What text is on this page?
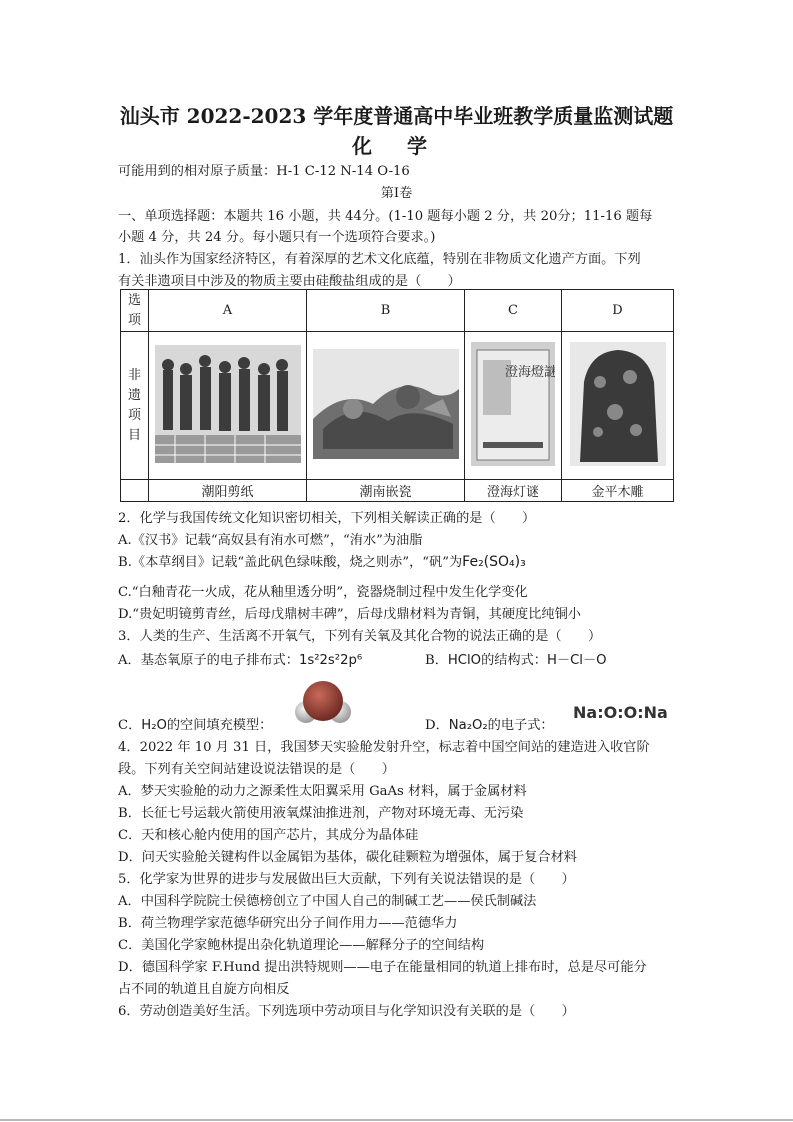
汕头市 2022-2023 学年度普通高中毕业班教学质量监测试题
化 学
可能用到的相对原子质量：H-1 C-12 N-14 O-16
第Ⅰ卷
一、单项选择题：本题共 16 小题，共 44分。(1-10 题每小题 2 分，共 20分；11-16 题每
小题 4 分，共 24 分。每小题只有一个选项符合要求。)
1．汕头作为国家经济特区，有着深厚的艺术文化底蕴，特别在非物质文化遗产方面。下列
有关非遗项目中涉及的物质主要由硅酸盐组成的是（　　）
选项	A	B	C	D

非遗项目			澄海燈謎

	潮阳剪纸	潮南嵌瓷	澄海灯谜	金平木雕
2．化学与我国传统文化知识密切相关，下列相关解读正确的是（　　）
A.《汉书》记载“高奴县有洧水可燃”，“洧水”为油脂
B.《本草纲目》记载“盖此矾色绿味酸，烧之则赤”，“矾”为Fe₂(SO₄)₃
C.“白釉青花一火成，花从釉里透分明”，瓷器烧制过程中发生化学变化
D.“贵妃明镜剪青丝，后母戊鼎树丰碑”，后母戊鼎材料为青铜，其硬度比纯铜小
3．人类的生产、生活离不开氧气，下列有关氧及其化合物的说法正确的是（　　）
A．基态氧原子的电子排布式：1s²2s²2p⁶	B．HClO的结构式：H－Cl－O
C．H₂O的空间填充模型：	D．Na₂O₂的电子式：
Na:O:O:Na
4．2022 年 10 月 31 日，我国梦天实验舱发射升空，标志着中国空间站的建造进入收官阶
段。下列有关空间站建设说法错误的是（　　）
A．梦天实验舱的动力之源柔性太阳翼采用 GaAs 材料，属于金属材料
B．长征七号运载火箭使用液氧煤油推进剂，产物对环境无毒、无污染
C．天和核心舱内使用的国产芯片，其成分为晶体硅
D．问天实验舱关键构件以金属铝为基体，碳化硅颗粒为增强体，属于复合材料
5．化学家为世界的进步与发展做出巨大贡献，下列有关说法错误的是（　　）
A．中国科学院院士侯德榜创立了中国人自己的制碱工艺——侯氏制碱法
B．荷兰物理学家范德华研究出分子间作用力——范德华力
C．美国化学家鲍林提出杂化轨道理论——解释分子的空间结构
D．德国科学家 F.Hund 提出洪特规则——电子在能量相同的轨道上排布时，总是尽可能分
占不同的轨道且自旋方向相反
6．劳动创造美好生活。下列选项中劳动项目与化学知识没有关联的是（　　）
